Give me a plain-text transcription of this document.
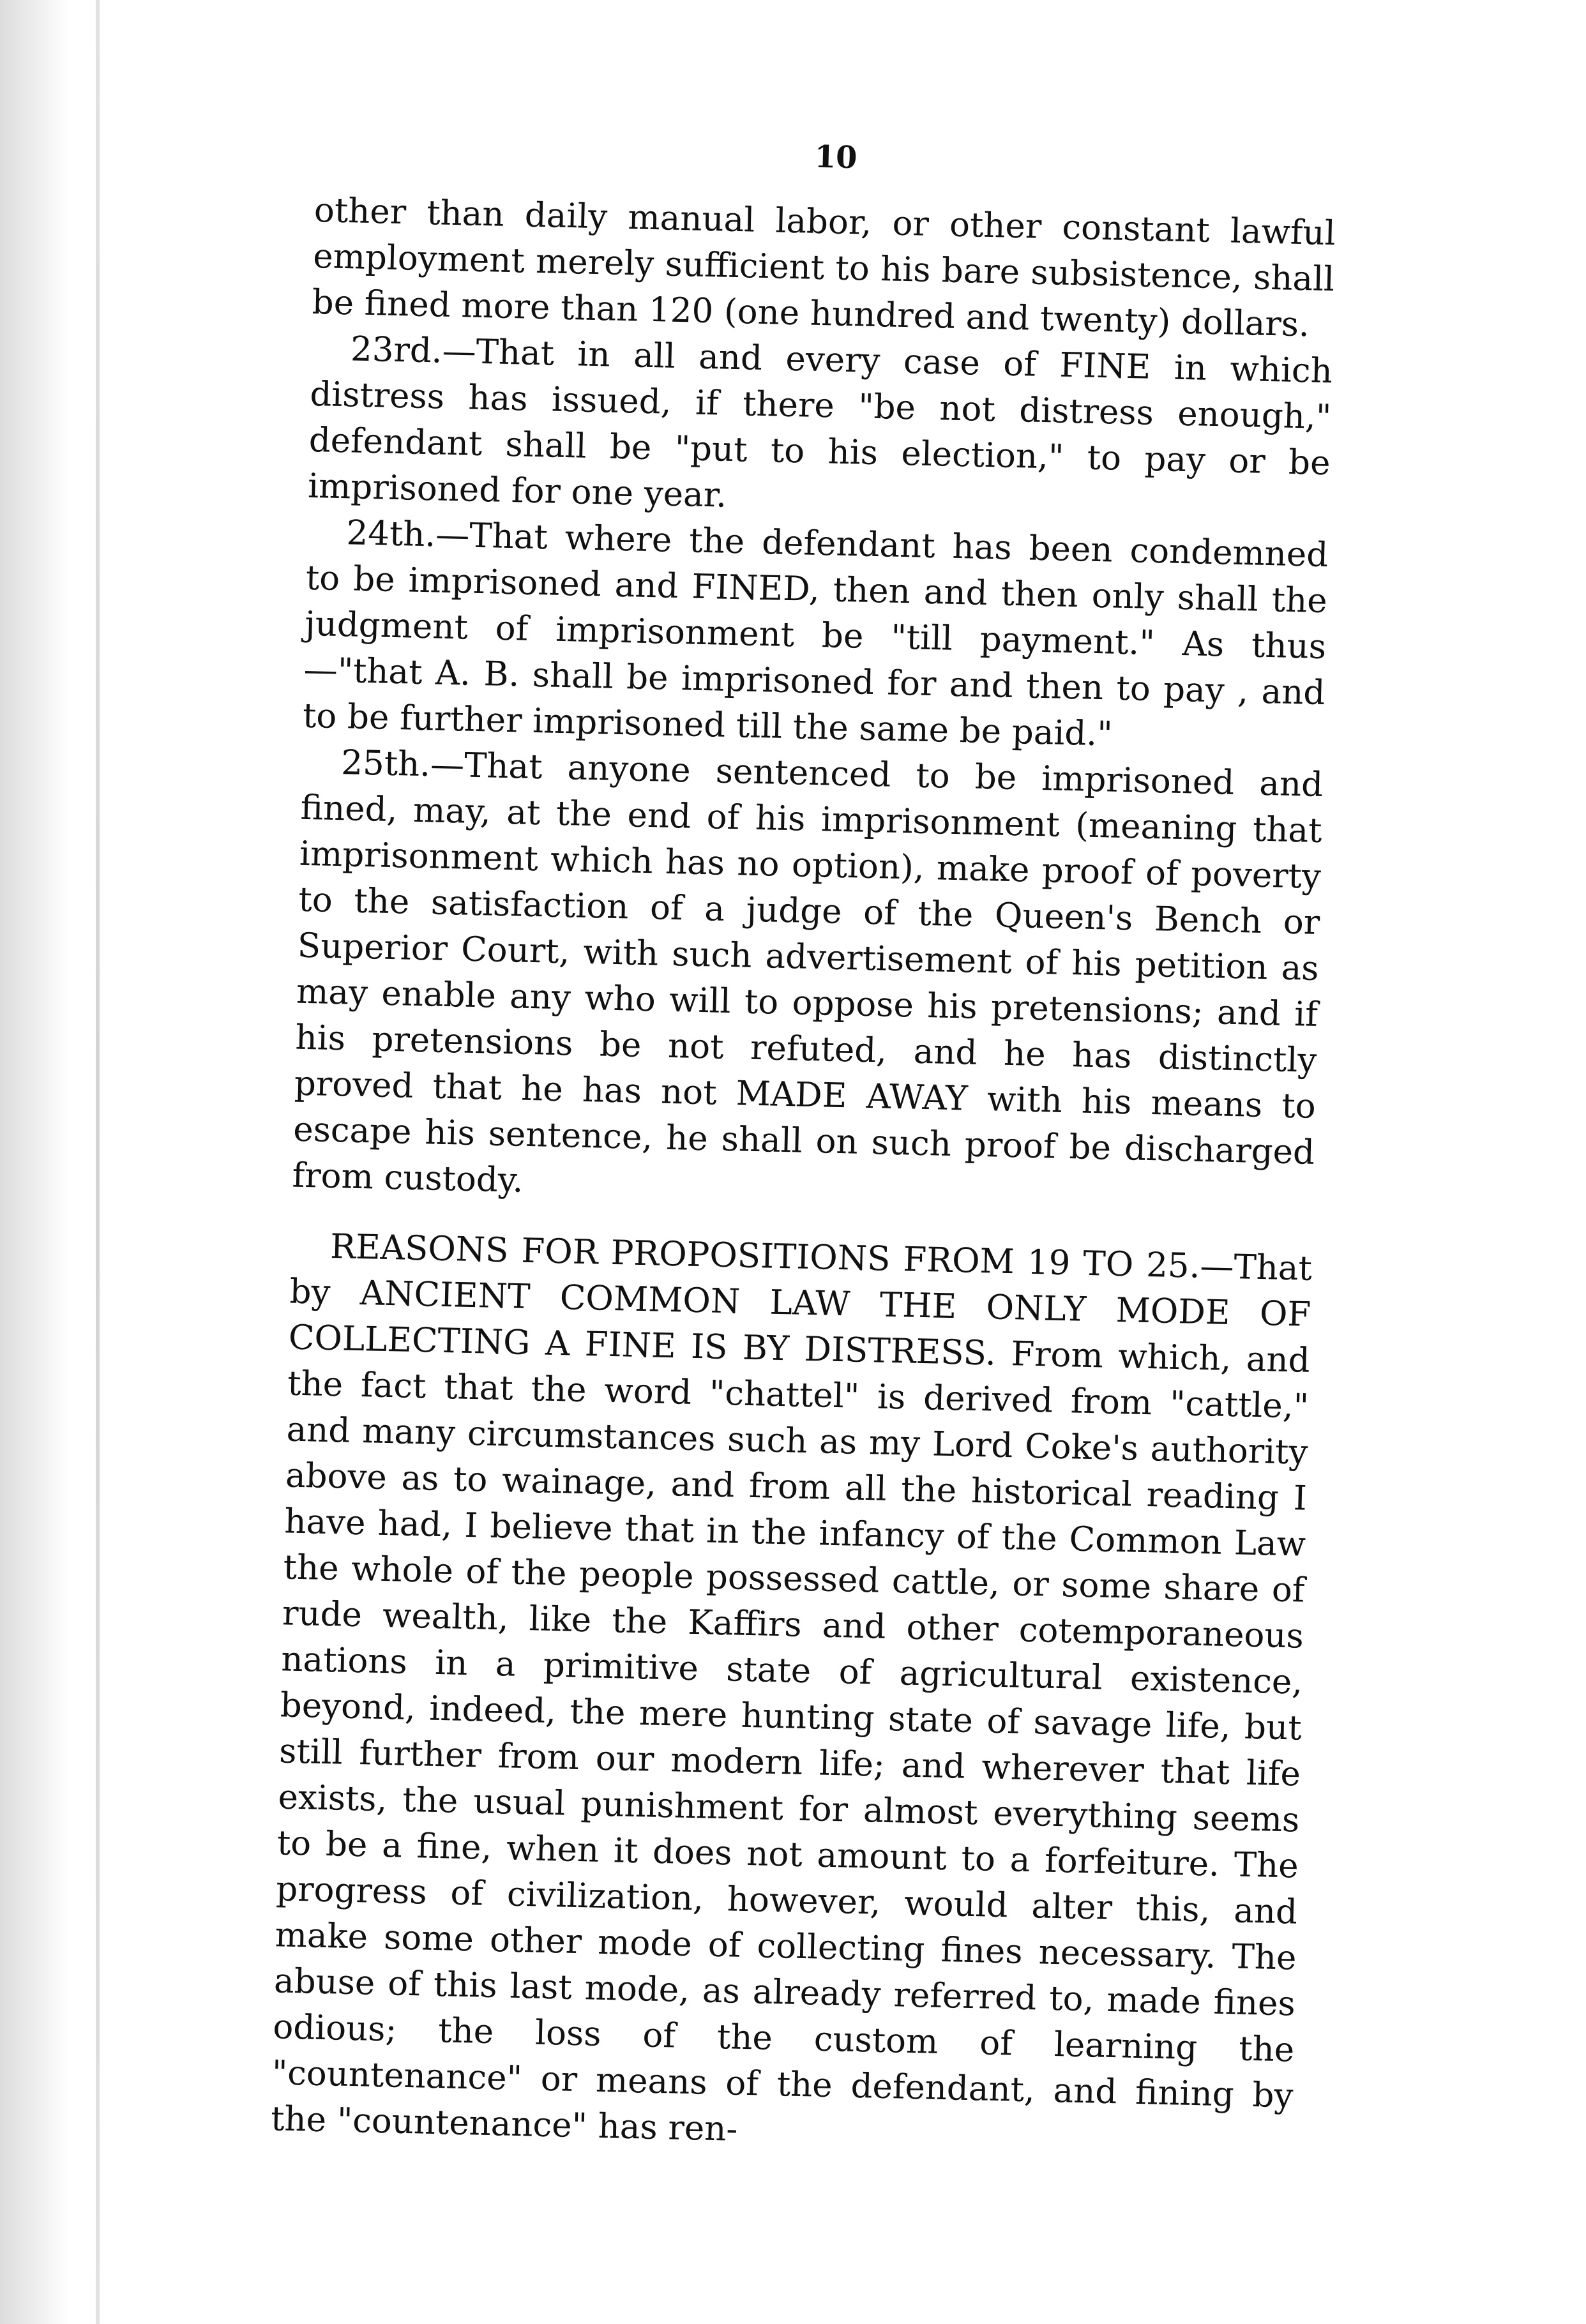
10

other than daily manual labor, or other constant lawful employment merely sufficient to his bare subsistence, shall be fined more than 120 (one hundred and twenty) dollars.

23rd.—That in all and every case of FINE in which distress has issued, if there "be not distress enough," defendant shall be "put to his election," to pay or be imprisoned for one year.

24th.—That where the defendant has been condemned to be imprisoned and FINED, then and then only shall the judgment of imprisonment be "till payment." As thus—"that A. B. shall be imprisoned for and then to pay , and to be further imprisoned till the same be paid."

25th.—That anyone sentenced to be imprisoned and fined, may, at the end of his imprisonment (meaning that imprisonment which has no option), make proof of poverty to the satisfaction of a judge of the Queen's Bench or Superior Court, with such advertisement of his petition as may enable any who will to oppose his pretensions; and if his pretensions be not refuted, and he has distinctly proved that he has not MADE AWAY with his means to escape his sentence, he shall on such proof be discharged from custody.

REASONS FOR PROPOSITIONS FROM 19 TO 25.—That by ANCIENT COMMON LAW THE ONLY MODE OF COLLECTING A FINE IS BY DISTRESS. From which, and the fact that the word "chattel" is derived from "cattle," and many circumstances such as my Lord Coke's authority above as to wainage, and from all the historical reading I have had, I believe that in the infancy of the Common Law the whole of the people possessed cattle, or some share of rude wealth, like the Kaffirs and other cotemporaneous nations in a primitive state of agricultural existence, beyond, indeed, the mere hunting state of savage life, but still further from our modern life; and wherever that life exists, the usual punishment for almost everything seems to be a fine, when it does not amount to a forfeiture. The progress of civilization, however, would alter this, and make some other mode of collecting fines necessary. The abuse of this last mode, as already referred to, made fines odious; the loss of the custom of learning the "countenance" or means of the defendant, and fining by the "countenance" has ren-
